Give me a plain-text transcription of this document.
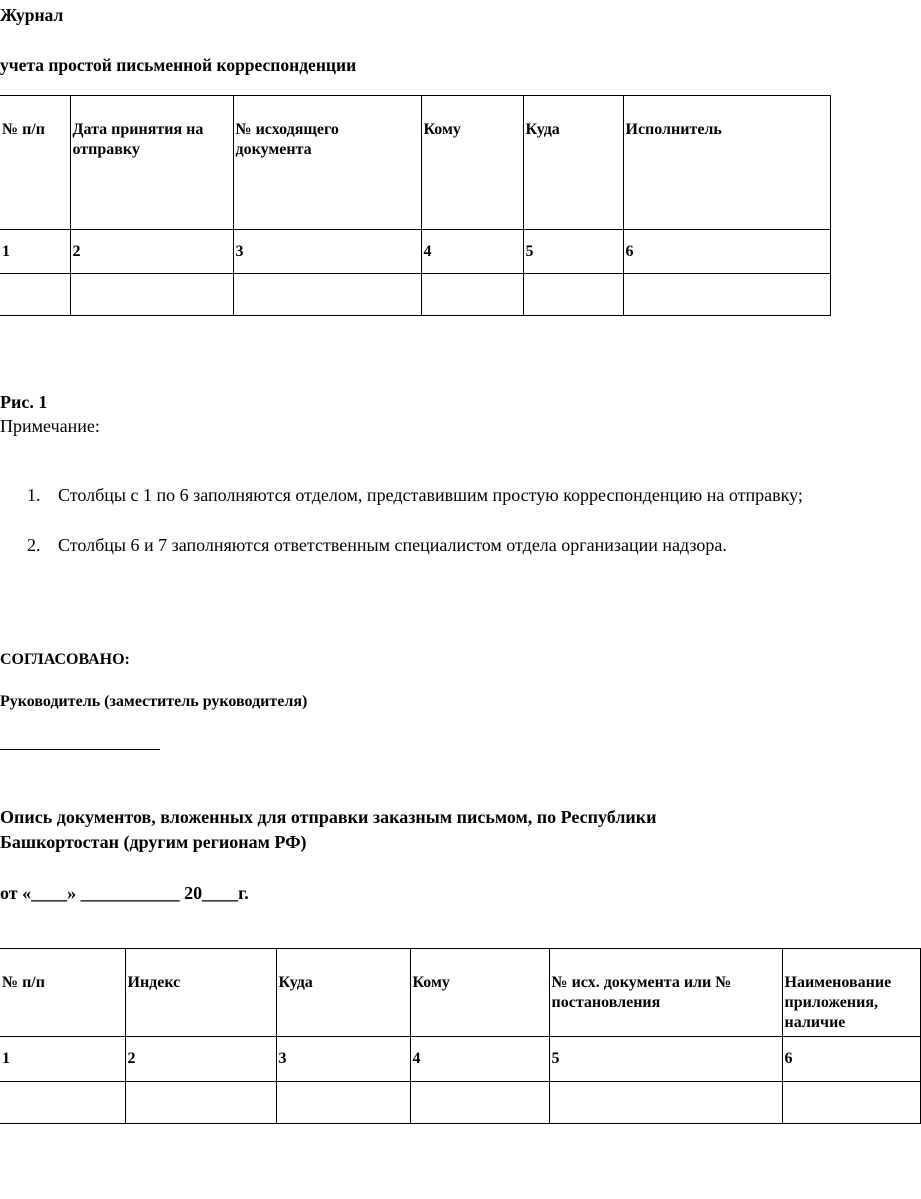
Журнал
учета простой письменной корреспонденции
№ п/п	Дата принятия на отправку	№ исходящего документа	Кому	Куда	Исполнитель
1	2	3	4	5	6

Рис. 1
Примечание:
1. Столбцы с 1 по 6 заполняются отделом, представившим простую корреспонденцию на отправку;
2. Столбцы 6 и 7 заполняются ответственным специалистом отдела организации надзора.
СОГЛАСОВАНО:
Руководитель (заместитель руководителя)
Опись документов, вложенных для отправки заказным письмом, по Республики
Башкортостан (другим регионам РФ)
от «____» ___________ 20____г.
№ п/п	Индекс	Куда	Кому	№ исх. документа или № постановления	Наименование приложения, наличие
1	2	3	4	5	6
